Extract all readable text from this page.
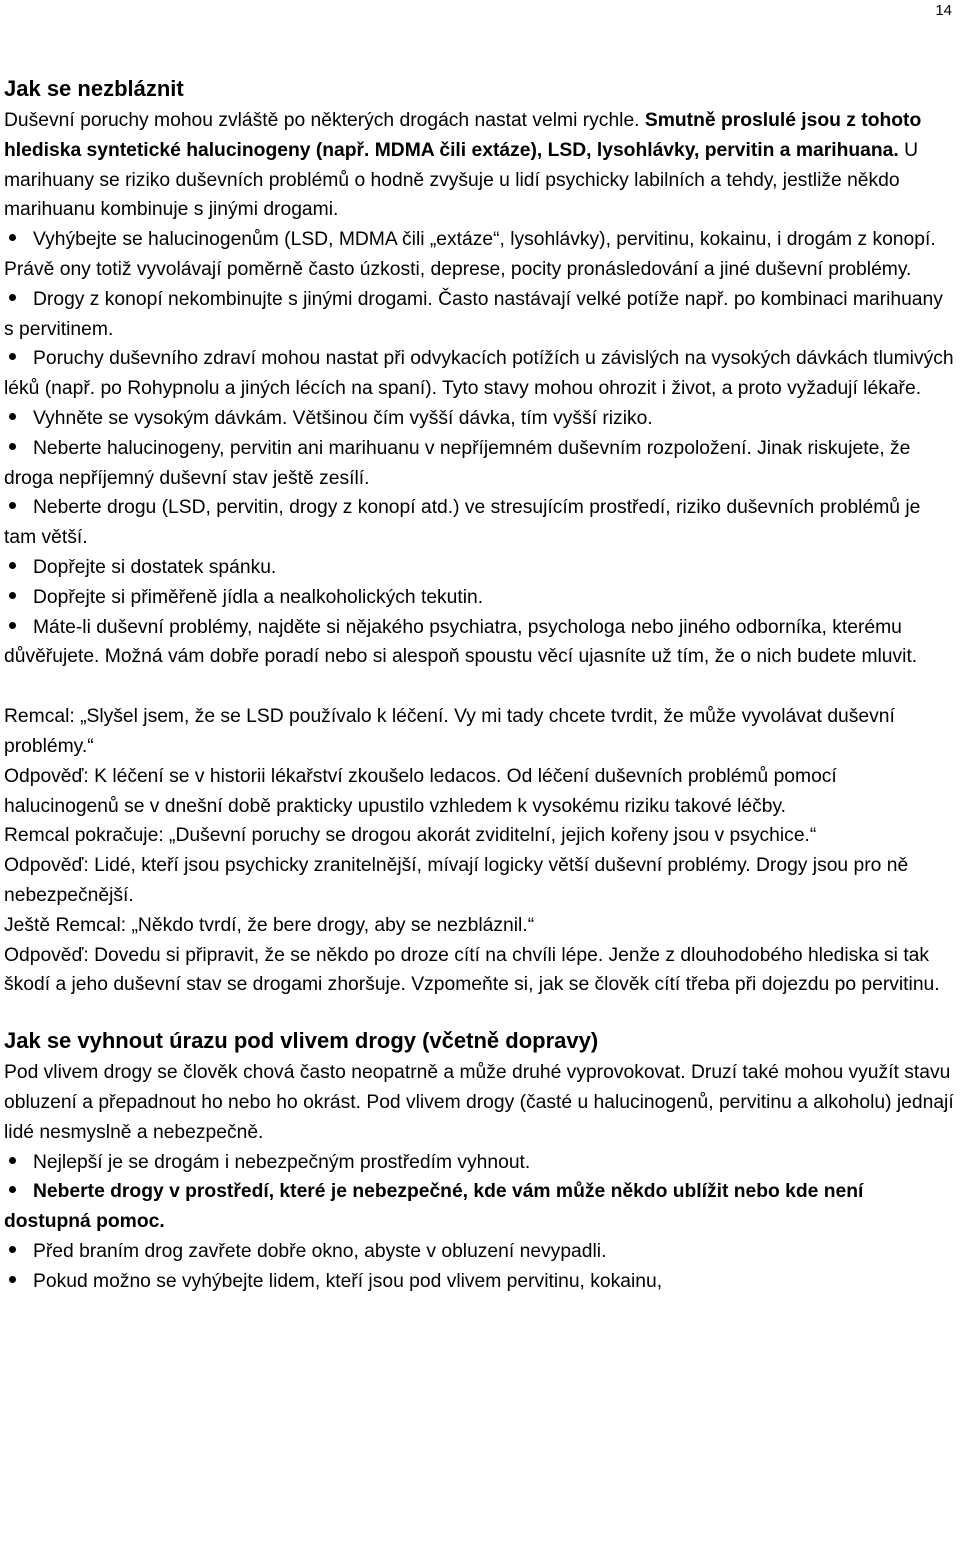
14
Jak se nezbláznit

Duševní poruchy mohou zvláště po některých drogách nastat velmi rychle. Smutně proslulé jsou z tohoto hlediska syntetické halucinogeny (např. MDMA čili extáze), LSD, lysohlávky, pervitin a marihuana. U marihuany se riziko duševních problémů o hodně zvyšuje u lidí psychicky labilních a tehdy, jestliže někdo marihuanu kombinuje s jinými drogami.

Vyhýbejte se halucinogenům (LSD, MDMA čili „extáze“, lysohlávky), pervitinu, kokainu, i drogám z konopí. Právě ony totiž vyvolávají poměrně často úzkosti, deprese, pocity pronásledování a jiné duševní problémy.
Drogy z konopí nekombinujte s jinými drogami. Často nastávají velké potíže např. po kombinaci marihuany s pervitinem.
Poruchy duševního zdraví mohou nastat při odvykacích potížích u závislých na vysokých dávkách tlumivých léků (např. po Rohypnolu a jiných lécích na spaní). Tyto stavy mohou ohrozit i život, a proto vyžadují lékaře.
Vyhněte se vysokým dávkám. Většinou čím vyšší dávka, tím vyšší riziko.
Neberte halucinogeny, pervitin ani marihuanu v nepříjemném duševním rozpoložení. Jinak riskujete, že droga nepříjemný duševní stav ještě zesílí.
Neberte drogu (LSD, pervitin, drogy z konopí atd.) ve stresujícím prostředí, riziko duševních problémů je tam větší.
Dopřejte si dostatek spánku.
Dopřejte si přiměřeně jídla a nealkoholických tekutin.
Máte-li duševní problémy, najděte si nějakého psychiatra, psychologa nebo jiného odborníka, kterému důvěřujete. Možná vám dobře poradí nebo si alespoň spoustu věcí ujasníte už tím, že o nich budete mluvit.

Remcal: „Slyšel jsem, že se LSD používalo k léčení. Vy mi tady chcete tvrdit, že může vyvolávat duševní problémy.“

Odpověď: K léčení se v historii lékařství zkoušelo ledacos. Od léčení duševních problémů pomocí halucinogenů se v dnešní době prakticky upustilo vzhledem k vysokému riziku takové léčby.

Remcal pokračuje: „Duševní poruchy se drogou akorát zviditelní, jejich kořeny jsou v psychice.“

Odpověď: Lidé, kteří jsou psychicky zranitelnější, mívají logicky větší duševní problémy. Drogy jsou pro ně nebezpečnější.

Ještě Remcal: „Někdo tvrdí, že bere drogy, aby se nezbláznil.“

Odpověď: Dovedu si připravit, že se někdo po droze cítí na chvíli lépe. Jenže z dlouhodobého hlediska si tak škodí a jeho duševní stav se drogami zhoršuje. Vzpomeňte si, jak se člověk cítí třeba při dojezdu po pervitinu.

Jak se vyhnout úrazu pod vlivem drogy (včetně dopravy)

Pod vlivem drogy se člověk chová často neopatrně a může druhé vyprovokovat. Druzí také mohou využít stavu obluzení a přepadnout ho nebo ho okrást. Pod vlivem drogy (časté u halucinogenů, pervitinu a alkoholu) jednají lidé nesmyslně a nebezpečně.

Nejlepší je se drogám i nebezpečným prostředím vyhnout.
Neberte drogy v prostředí, které je nebezpečné, kde vám může někdo ublížit nebo kde není dostupná pomoc.
Před braním drog zavřete dobře okno, abyste v obluzení nevypadli.
Pokud možno se vyhýbejte lidem, kteří jsou pod vlivem pervitinu, kokainu,
